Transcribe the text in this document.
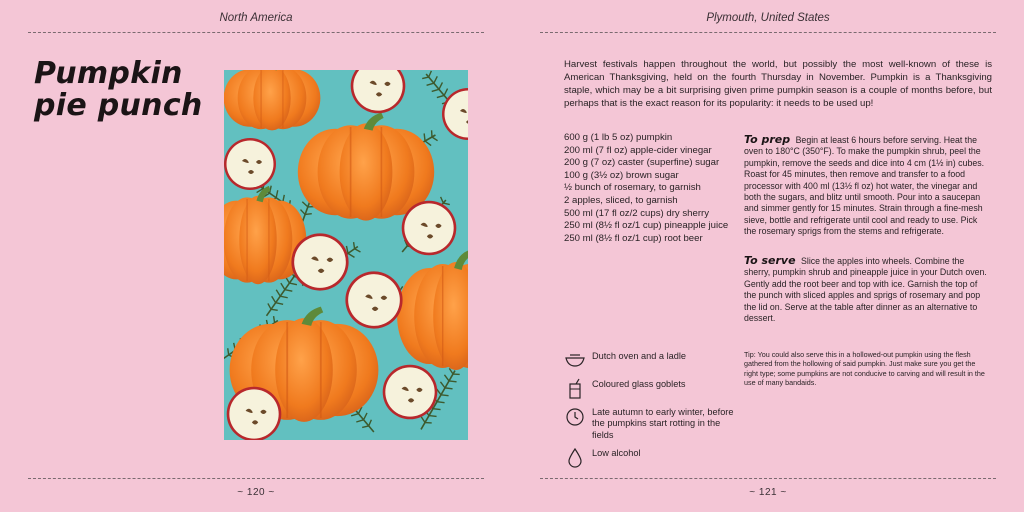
North America
Pumpkin pie punch
~ 120 ~
Plymouth, United States

Harvest festivals happen throughout the world, but possibly the most well-known of these is American Thanksgiving, held on the fourth Thursday in November. Pumpkin is a Thanksgiving staple, which may be a bit surprising given prime pumpkin season is a couple of months before, but perhaps that is the exact reason for its popularity: it needs to be used up!

600 g (1 lb 5 oz) pumpkin
200 ml (7 fl oz) apple-cider vinegar
200 g (7 oz) caster (superfine) sugar
100 g (3½ oz) brown sugar
½ bunch of rosemary, to garnish
2 apples, sliced, to garnish
500 ml (17 fl oz/2 cups) dry sherry
250 ml (8½ fl oz/1 cup) pineapple juice
250 ml (8½ fl oz/1 cup) root beer

To prep Begin at least 6 hours before serving. Heat the oven to 180°C (350°F). To make the pumpkin shrub, peel the pumpkin, remove the seeds and dice into 4 cm (1½ in) cubes. Roast for 45 minutes, then remove and transfer to a food processor with 400 ml (13½ fl oz) hot water, the vinegar and both the sugars, and blitz until smooth. Pour into a saucepan and simmer gently for 15 minutes. Strain through a fine-mesh sieve, bottle and refrigerate until cool and ready to use. Pick the rosemary sprigs from the stems and refrigerate.

To serve Slice the apples into wheels. Combine the sherry, pumpkin shrub and pineapple juice in your Dutch oven. Gently add the root beer and top with ice. Garnish the top of the punch with sliced apples and sprigs of rosemary and pop the lid on. Serve at the table after dinner as an alternative to dessert.

Dutch oven and a ladle
Coloured glass goblets
Late autumn to early winter, before the pumpkins start rotting in the fields
Low alcohol

Tip: You could also serve this in a hollowed-out pumpkin using the flesh gathered from the hollowing of said pumpkin. Just make sure you get the right type; some pumpkins are not conducive to carving and will result in the use of many bandaids.

~ 121 ~
